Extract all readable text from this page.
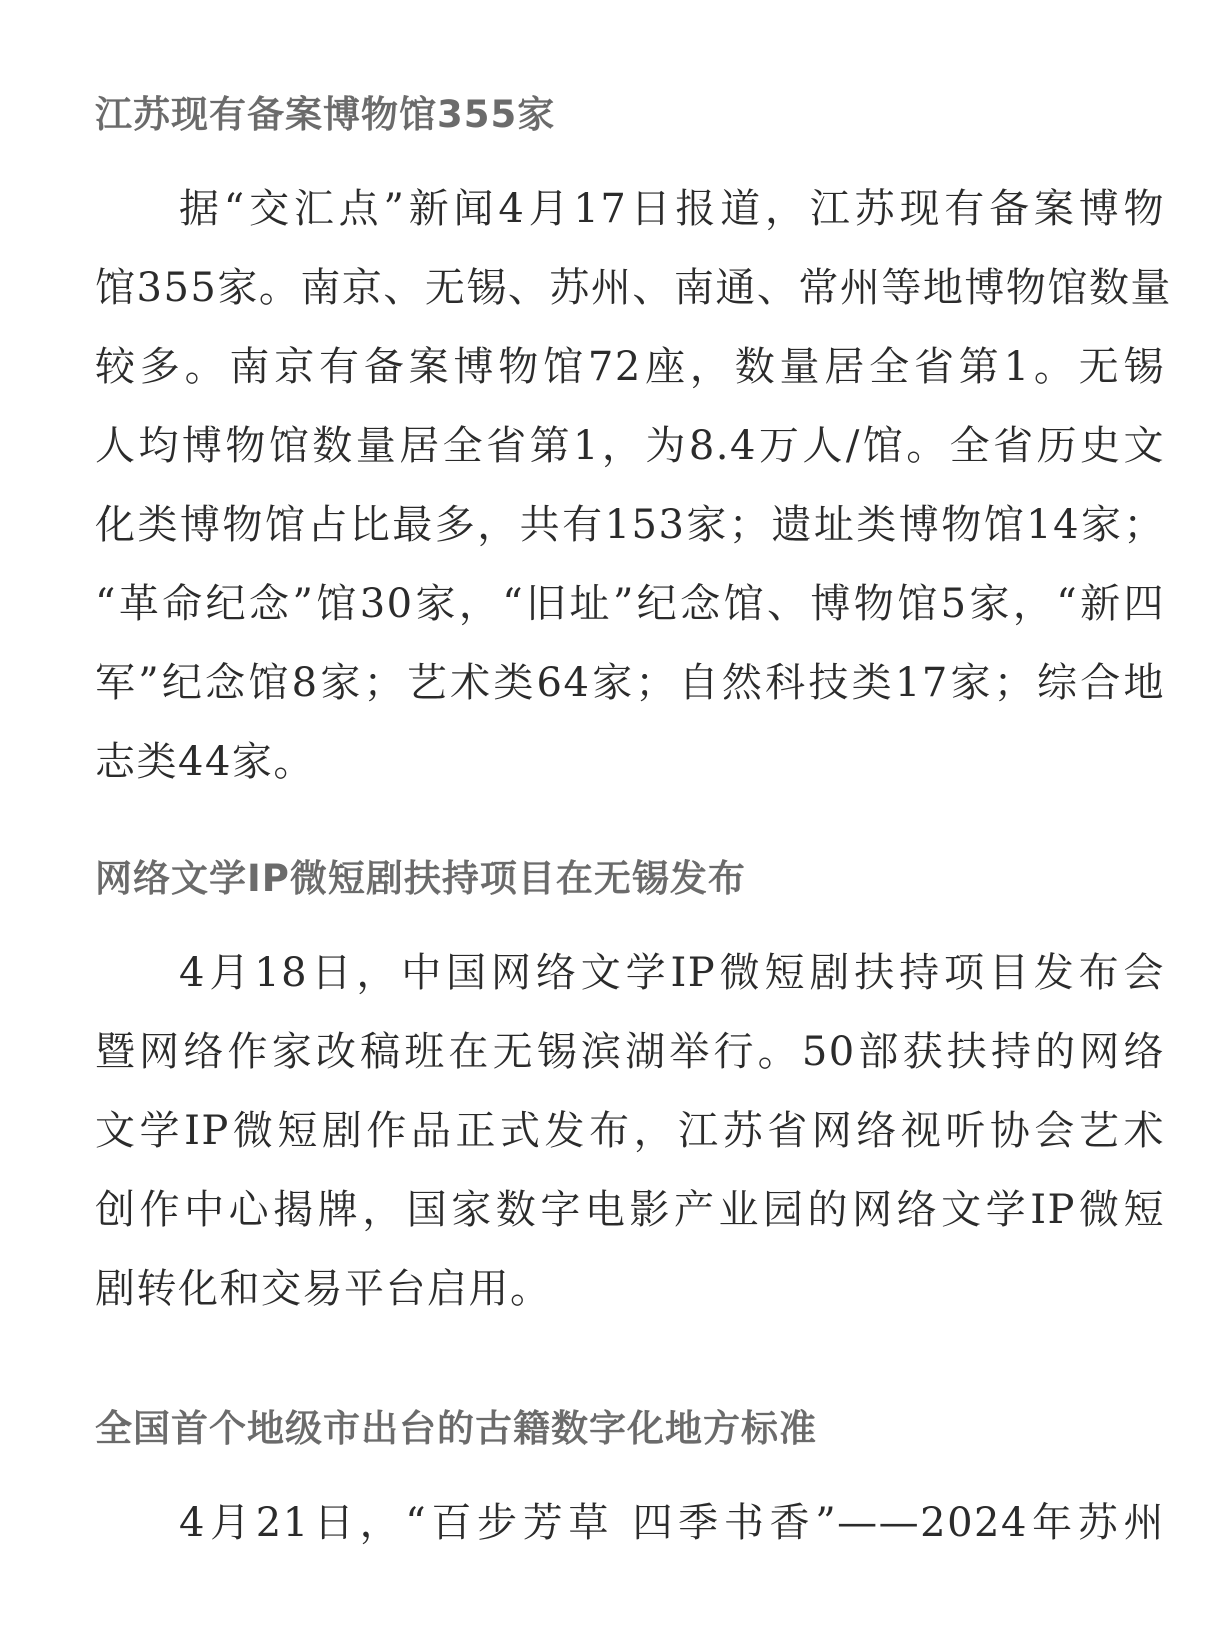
江苏现有备案博物馆355家
据“交汇点”新闻4月17日报道，江苏现有备案博物
馆355家。南京、无锡、苏州、南通、常州等地博物馆数量
较多。南京有备案博物馆72座，数量居全省第1。无锡
人均博物馆数量居全省第1，为8.4万人/馆。全省历史文
化类博物馆占比最多，共有153家；遗址类博物馆14家；
“革命纪念”馆30家，“旧址”纪念馆、博物馆5家，“新四
军”纪念馆8家；艺术类64家；自然科技类17家；综合地
志类44家。
网络文学IP微短剧扶持项目在无锡发布
4月18日，中国网络文学IP微短剧扶持项目发布会
暨网络作家改稿班在无锡滨湖举行。50部获扶持的网络
文学IP微短剧作品正式发布，江苏省网络视听协会艺术
创作中心揭牌，国家数字电影产业园的网络文学IP微短
剧转化和交易平台启用。
全国首个地级市出台的古籍数字化地方标准
4月21日，“百步芳草 四季书香”——2024年苏州
